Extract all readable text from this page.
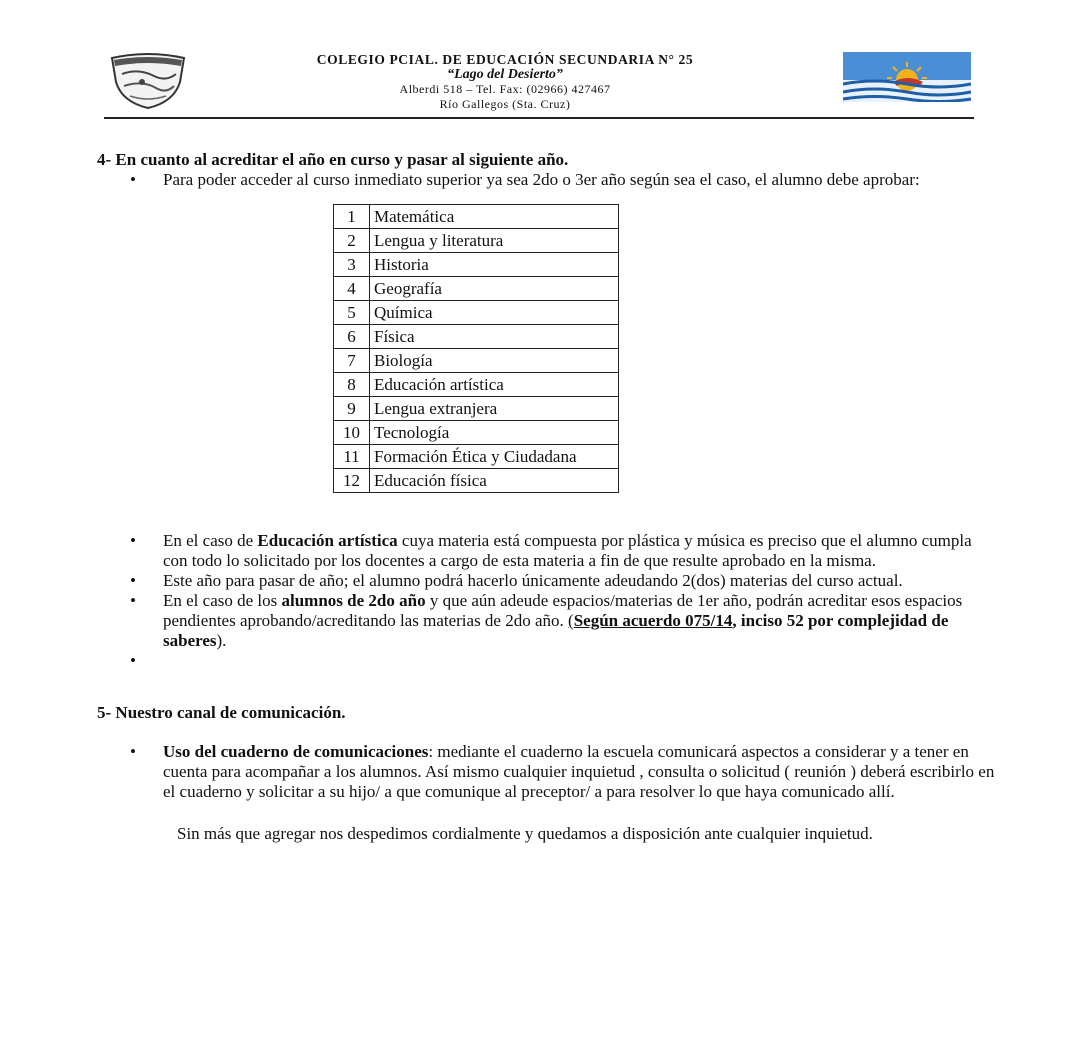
COLEGIO PCIAL. DE EDUCACIÓN SECUNDARIA N° 25
“Lago del Desierto”
Alberdi 518 – Tel. Fax: (02966) 427467
Río Gallegos (Sta. Cruz)

4- En cuanto al acreditar el año en curso y pasar al siguiente año.

• Para poder acceder al curso inmediato superior ya sea 2do o 3er año según sea el caso, el alumno debe aprobar:
1	Matemática
2	Lengua y literatura
3	Historia
4	Geografía
5	Química
6	Física
7	Biología
8	Educación artística
9	Lengua extranjera
10	Tecnología
11	Formación Ética y Ciudadana
12	Educación física
• En el caso de Educación artística cuya materia está compuesta por plástica y música es preciso que el alumno cumpla con todo lo solicitado por los docentes a cargo de esta materia a fin de que resulte aprobado en la misma.
• Este año para pasar de año; el alumno podrá hacerlo únicamente adeudando 2(dos) materias del curso actual.
• En el caso de los alumnos de 2do año y que aún adeude espacios/materias de 1er año, podrán acreditar esos espacios pendientes aprobando/acreditando las materias de 2do año. (Según acuerdo 075/14, inciso 52 por complejidad de saberes).
•

5- Nuestro canal de comunicación.

• Uso del cuaderno de comunicaciones: mediante el cuaderno la escuela comunicará aspectos a considerar y a tener en cuenta para acompañar a los alumnos. Así mismo cualquier inquietud , consulta o solicitud ( reunión ) deberá escribirlo en el cuaderno y solicitar a su hijo/ a que comunique al preceptor/ a para resolver lo que haya comunicado allí.

Sin más que agregar nos despedimos cordialmente y quedamos a disposición ante cualquier inquietud.
